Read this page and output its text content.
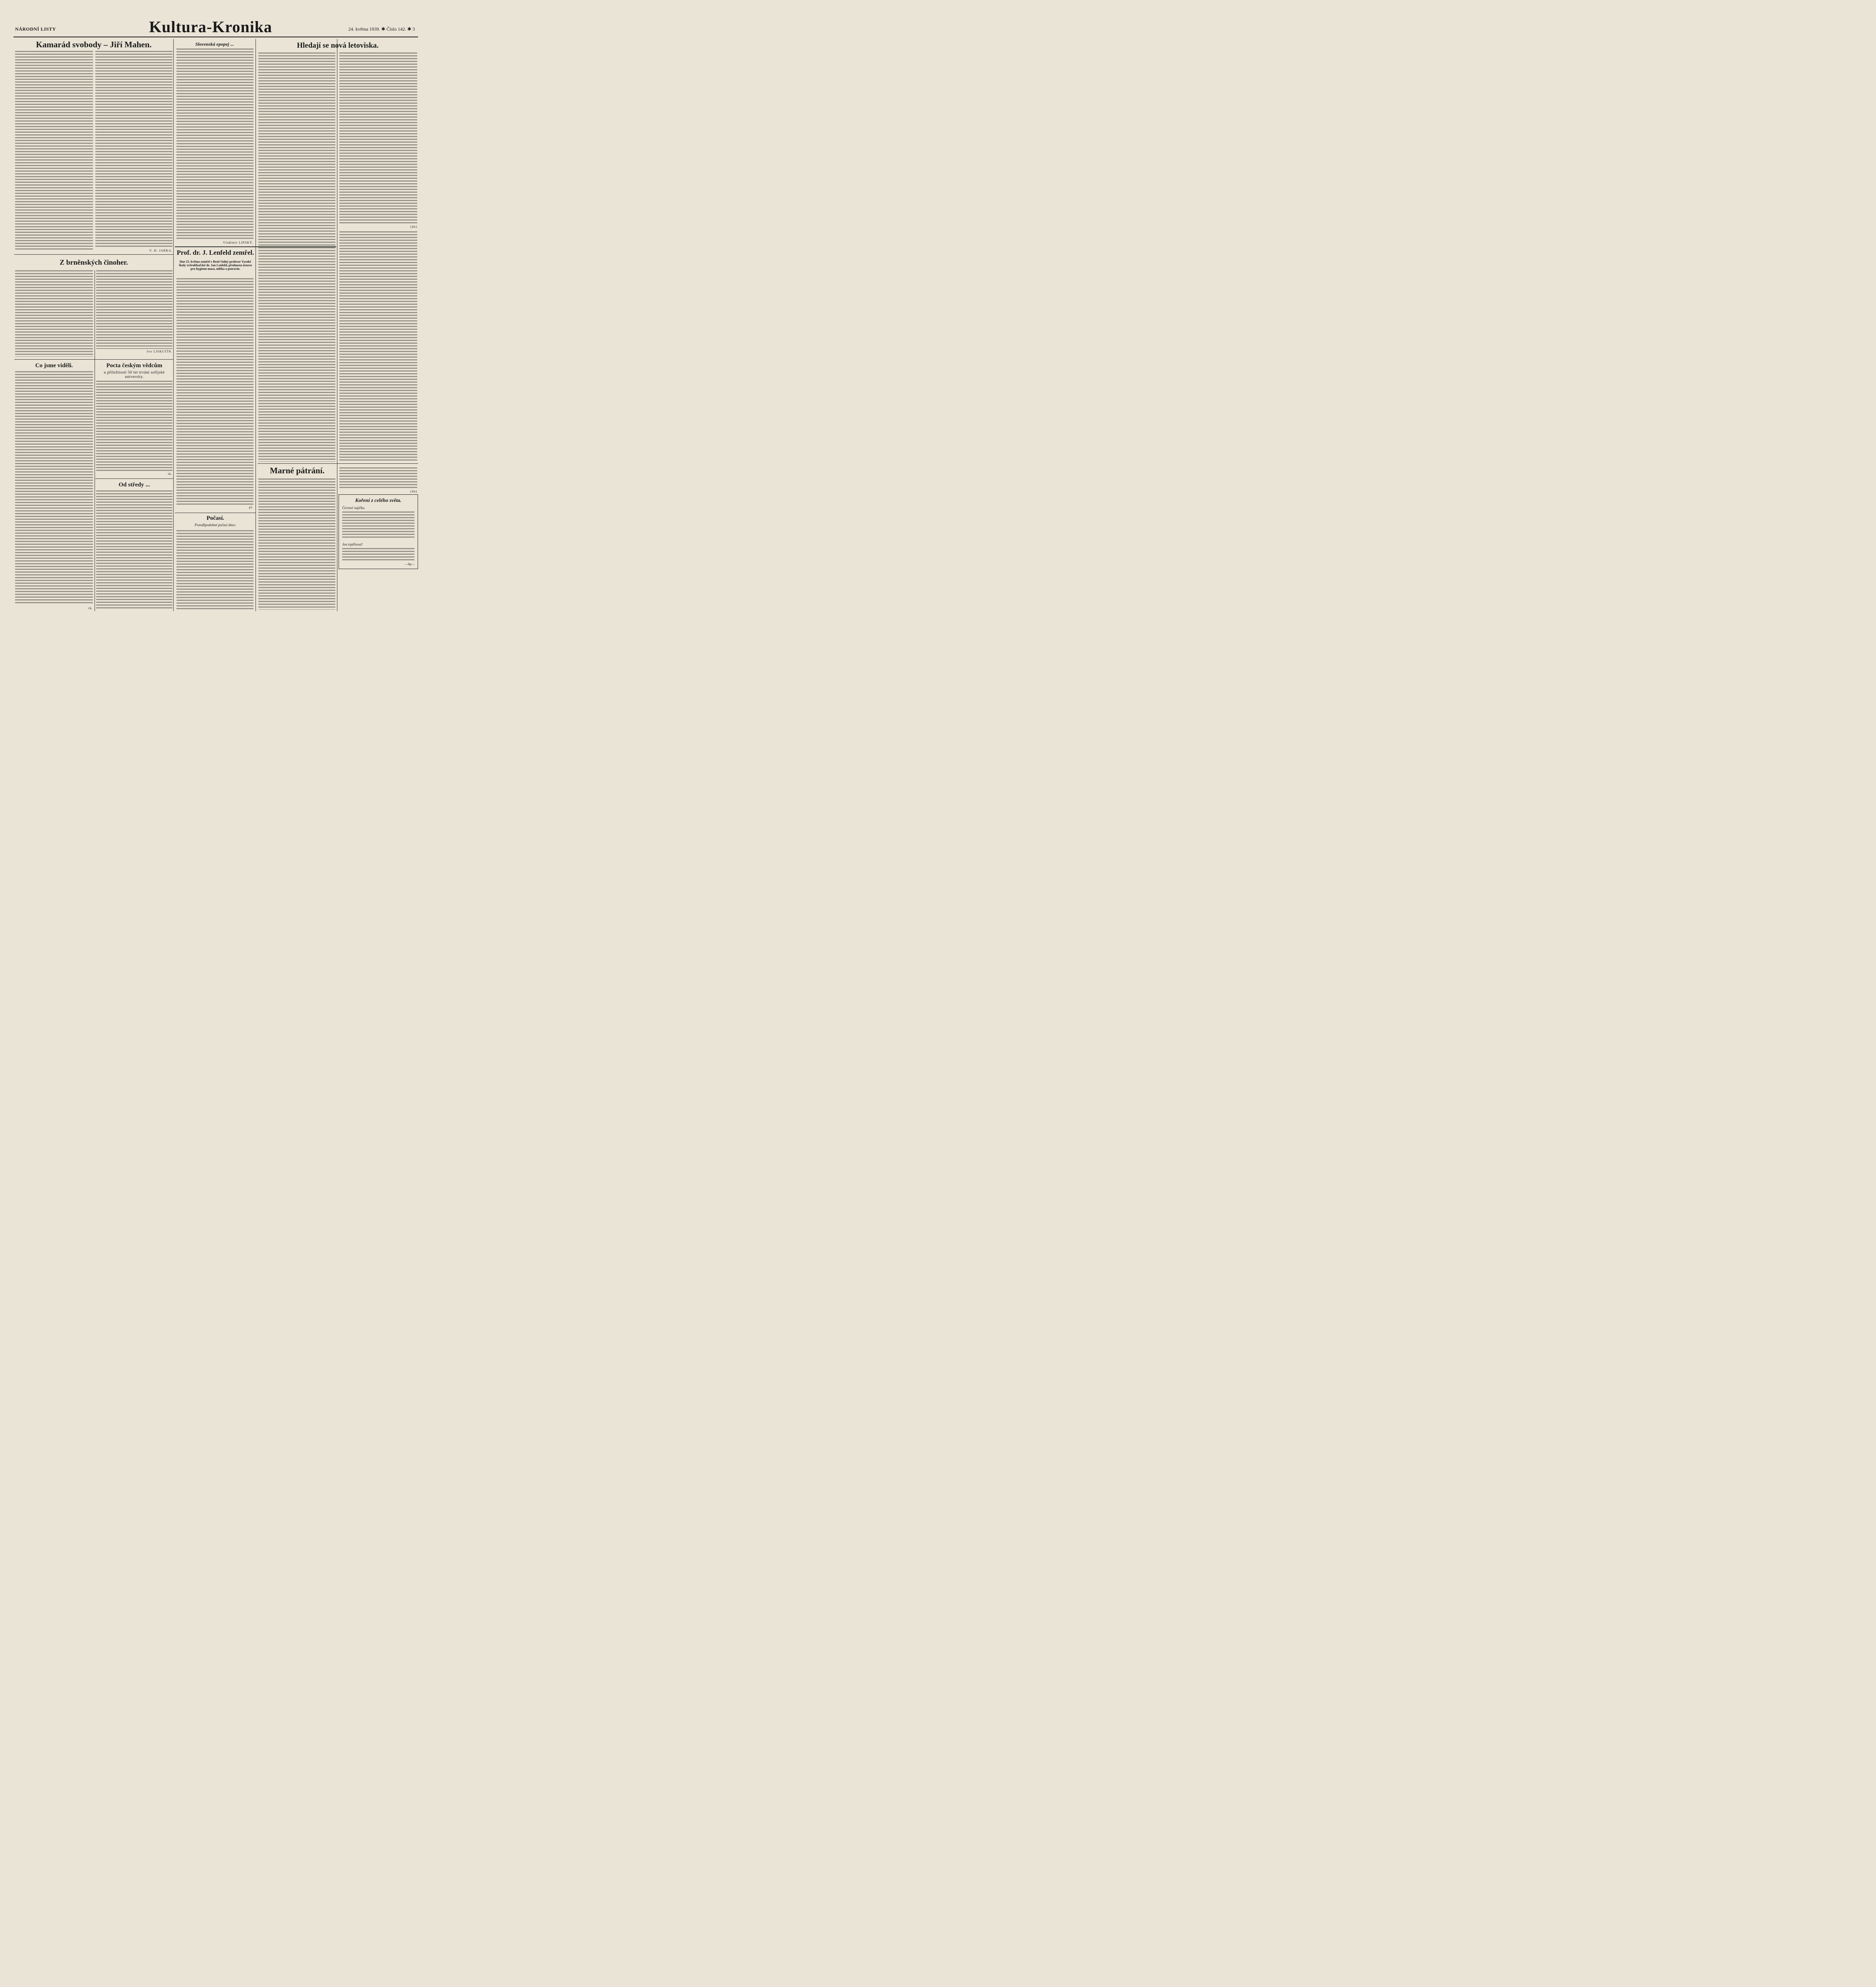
NÁRODNÍ LISTY	Kultura-Kronika	24. května 1939. ✱ Číslo 142. ✱ 3
Kamarád svobody – Jiří Mahen.
V. H. JARKA.
Z brněnských činoher.
Ivo LISKUTÍN.
Co jsme viděli.
rk.
Pocta českým vědcům
u příležitosti 50 let trvání sofijské university.
rk.
Od středy ...
Slovenská epopej ...
Vladimír LIPSKÝ.
Prof. dr. J. Lenfeld zemřel.
Dne 23. května zemřel v Brně řádný profesor Vysoké školy zvěrolékařské dr. Jan Lenfeld, přednosta ústavu pro hygienu masa, mléka a potravin.
pl.
Počasí.
Pravděpodobné počasí dnes:
Hledají se nová letoviska.
(dn)
Marné pátrání.
(dn)
Koření z celého světa.
Čerstvé vajíčko.
Jen trpělivost!
—hp—
